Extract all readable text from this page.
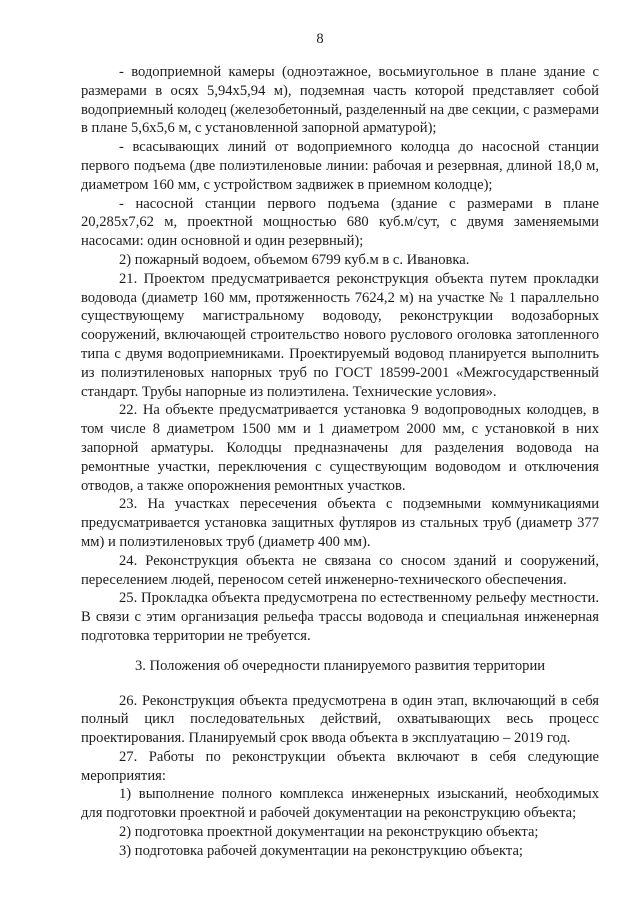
8

- водоприемной камеры (одноэтажное, восьмиугольное в плане здание с размерами в осях 5,94х5,94 м), подземная часть которой представляет собой водоприемный колодец (железобетонный, разделенный на две секции, с размерами в плане 5,6х5,6 м, с установленной запорной арматурой);

- всасывающих линий от водоприемного колодца до насосной станции первого подъема (две полиэтиленовые линии: рабочая и резервная, длиной 18,0 м, диаметром 160 мм, с устройством задвижек в приемном колодце);

- насосной станции первого подъема (здание с размерами в плане 20,285х7,62 м, проектной мощностью 680 куб.м/сут, с двумя заменяемыми насосами: один основной и один резервный);

2) пожарный водоем, объемом 6799 куб.м в с. Ивановка.

21. Проектом предусматривается реконструкция объекта путем прокладки водовода (диаметр 160 мм, протяженность 7624,2 м) на участке № 1 параллельно существующему магистральному водоводу, реконструкции водозаборных сооружений, включающей строительство нового руслового оголовка затопленного типа с двумя водоприемниками. Проектируемый водовод планируется выполнить из полиэтиленовых напорных труб по ГОСТ 18599-2001 «Межгосударственный стандарт. Трубы напорные из полиэтилена. Технические условия».

22. На объекте предусматривается установка 9 водопроводных колодцев, в том числе 8 диаметром 1500 мм и 1 диаметром 2000 мм, с установкой в них запорной арматуры. Колодцы предназначены для разделения водовода на ремонтные участки, переключения с существующим водоводом и отключения отводов, а также опорожнения ремонтных участков.

23. На участках пересечения объекта с подземными коммуникациями предусматривается установка защитных футляров из стальных труб (диаметр 377 мм) и полиэтиленовых труб (диаметр 400 мм).

24. Реконструкция объекта не связана со сносом зданий и сооружений, переселением людей, переносом сетей инженерно-технического обеспечения.

25. Прокладка объекта предусмотрена по естественному рельефу местности. В связи с этим организация рельефа трассы водовода и специальная инженерная подготовка территории не требуется.

3. Положения об очередности планируемого развития территории

26. Реконструкция объекта предусмотрена в один этап, включающий в себя полный цикл последовательных действий, охватывающих весь процесс проектирования. Планируемый срок ввода объекта в эксплуатацию – 2019 год.

27. Работы по реконструкции объекта включают в себя следующие мероприятия:

1) выполнение полного комплекса инженерных изысканий, необходимых для подготовки проектной и рабочей документации на реконструкцию объекта;

2) подготовка проектной документации на реконструкцию объекта;

3) подготовка рабочей документации на реконструкцию объекта;
